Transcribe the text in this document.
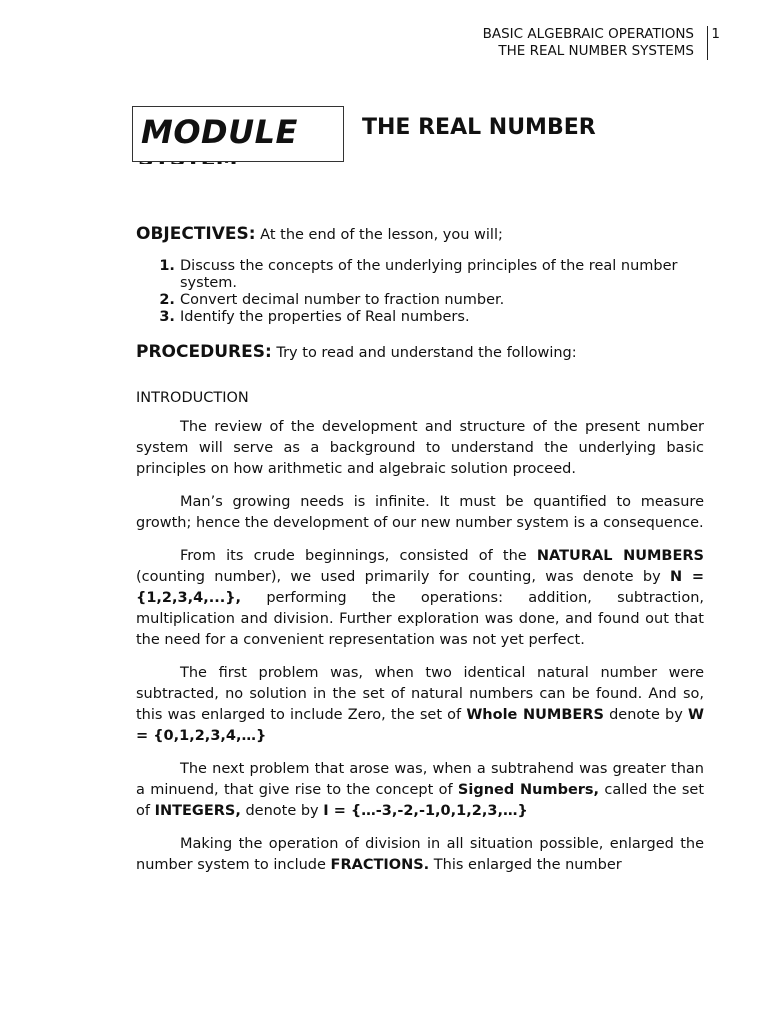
BASIC ALGEBRAIC OPERATIONS
THE REAL NUMBER SYSTEMS
1
MODULE	THE REAL NUMBER
OBJECTIVES: At the end of the lesson, you will;
1. Discuss the concepts of the underlying principles of the real number system.
2. Convert decimal number to fraction number.
3. Identify the properties of Real numbers.
PROCEDURES: Try to read and understand the following:
INTRODUCTION

The review of the development and structure of the present number system will serve as a background to understand the underlying basic principles on how arithmetic and algebraic solution proceed.

Man’s growing needs is infinite. It must be quantified to measure growth; hence the development of our new number system is a consequence.

From its crude beginnings, consisted of the NATURAL NUMBERS (counting number), we used primarily for counting, was denote by N = {1,2,3,4,...}, performing the operations: addition, subtraction, multiplication and division. Further exploration was done, and found out that the need for a convenient representation was not yet perfect.

The first problem was, when two identical natural number were subtracted, no solution in the set of natural numbers can be found. And so, this was enlarged to include Zero, the set of Whole NUMBERS denote by W = {0,1,2,3,4,…}

The next problem that arose was, when a subtrahend was greater than a minuend, that give rise to the concept of Signed Numbers, called the set of INTEGERS, denote by I = {…-3,-2,-1,0,1,2,3,…}

Making the operation of division in all situation possible, enlarged the number system to include FRACTIONS. This enlarged the number
